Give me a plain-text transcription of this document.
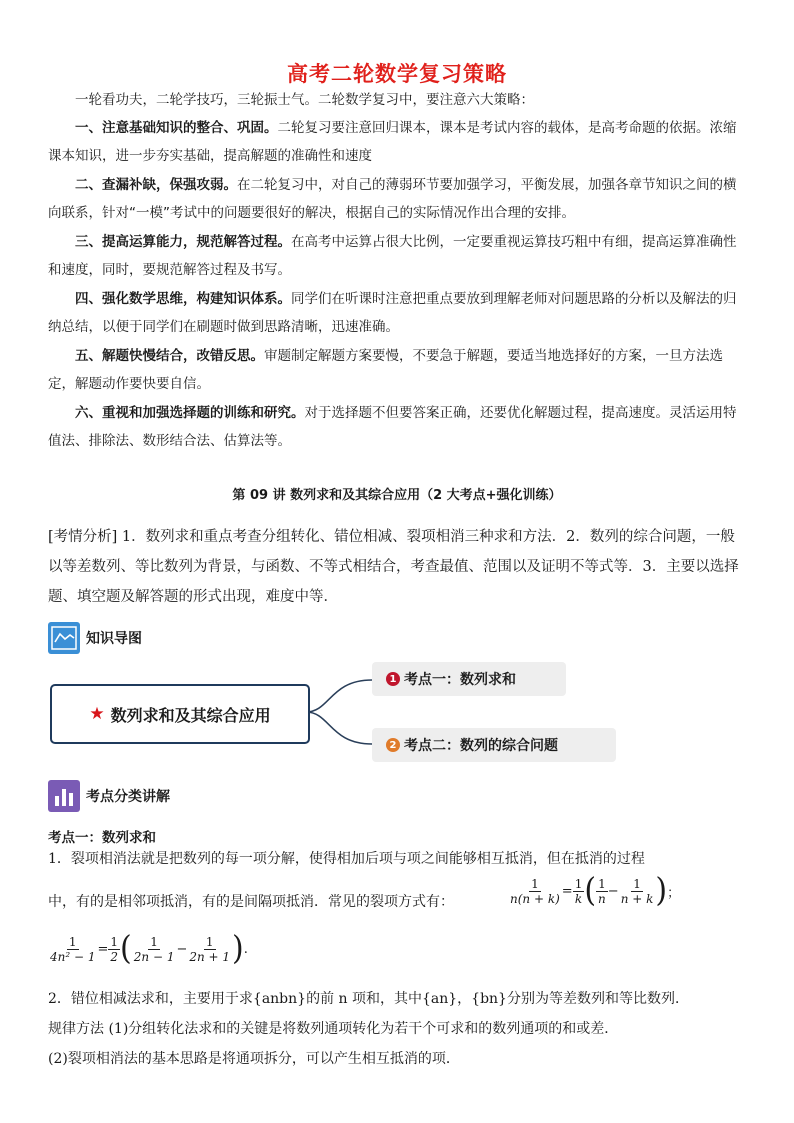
高考二轮数学复习策略
一轮看功夫，二轮学技巧，三轮振士气。二轮数学复习中，要注意六大策略：
一、注意基础知识的整合、巩固。二轮复习要注意回归课本，课本是考试内容的载体，是高考命题的依据。浓缩课本知识，进一步夯实基础，提高解题的准确性和速度
二、查漏补缺，保强攻弱。在二轮复习中，对自己的薄弱环节要加强学习，平衡发展，加强各章节知识之间的横向联系，针对“一模”考试中的问题要很好的解决，根据自己的实际情况作出合理的安排。
三、提高运算能力，规范解答过程。在高考中运算占很大比例，一定要重视运算技巧粗中有细，提高运算准确性和速度，同时，要规范解答过程及书写。
四、强化数学思维，构建知识体系。同学们在听课时注意把重点要放到理解老师对问题思路的分析以及解法的归纳总结，以便于同学们在刷题时做到思路清晰，迅速准确。
五、解题快慢结合，改错反思。审题制定解题方案要慢，不要急于解题，要适当地选择好的方案，一旦方法选定，解题动作要快要自信。
六、重视和加强选择题的训练和研究。对于选择题不但要答案正确，还要优化解题过程，提高速度。灵活运用特值法、排除法、数形结合法、估算法等。
第 09 讲 数列求和及其综合应用（2 大考点+强化训练）
[考情分析] 1．数列求和重点考查分组转化、错位相减、裂项相消三种求和方法．2．数列的综合问题，一般以等差数列、等比数列为背景，与函数、不等式相结合，考查最值、范围以及证明不等式等．3．主要以选择题、填空题及解答题的形式出现，难度中等．
知识导图
★ 数列求和及其综合应用
1 考点一：数列求和
2 考点二：数列的综合问题
考点分类讲解
考点一：数列求和
1．裂项相消法就是把数列的每一项分解，使得相加后项与项之间能够相互抵消，但在抵消的过程
中，有的是相邻项抵消，有的是间隔项抵消．常见的裂项方式有：	$\frac{1}{n(n + k)} = \frac{1}{k}$ ( $\frac{1}{n} - \frac{1}{n + k}$ ) ；
$\frac{1}{\text{4n² − 1}} = \frac{1}{2}$ ( $\frac{1}{2n - 1} - \frac{1}{2n + 1}$ ) .
2．错位相减法求和，主要用于求{anbn}的前 n 项和，其中{an}，{bn}分别为等差数列和等比数列．
规律方法 (1)分组转化法求和的关键是将数列通项转化为若干个可求和的数列通项的和或差．
(2)裂项相消法的基本思路是将通项拆分，可以产生相互抵消的项．
